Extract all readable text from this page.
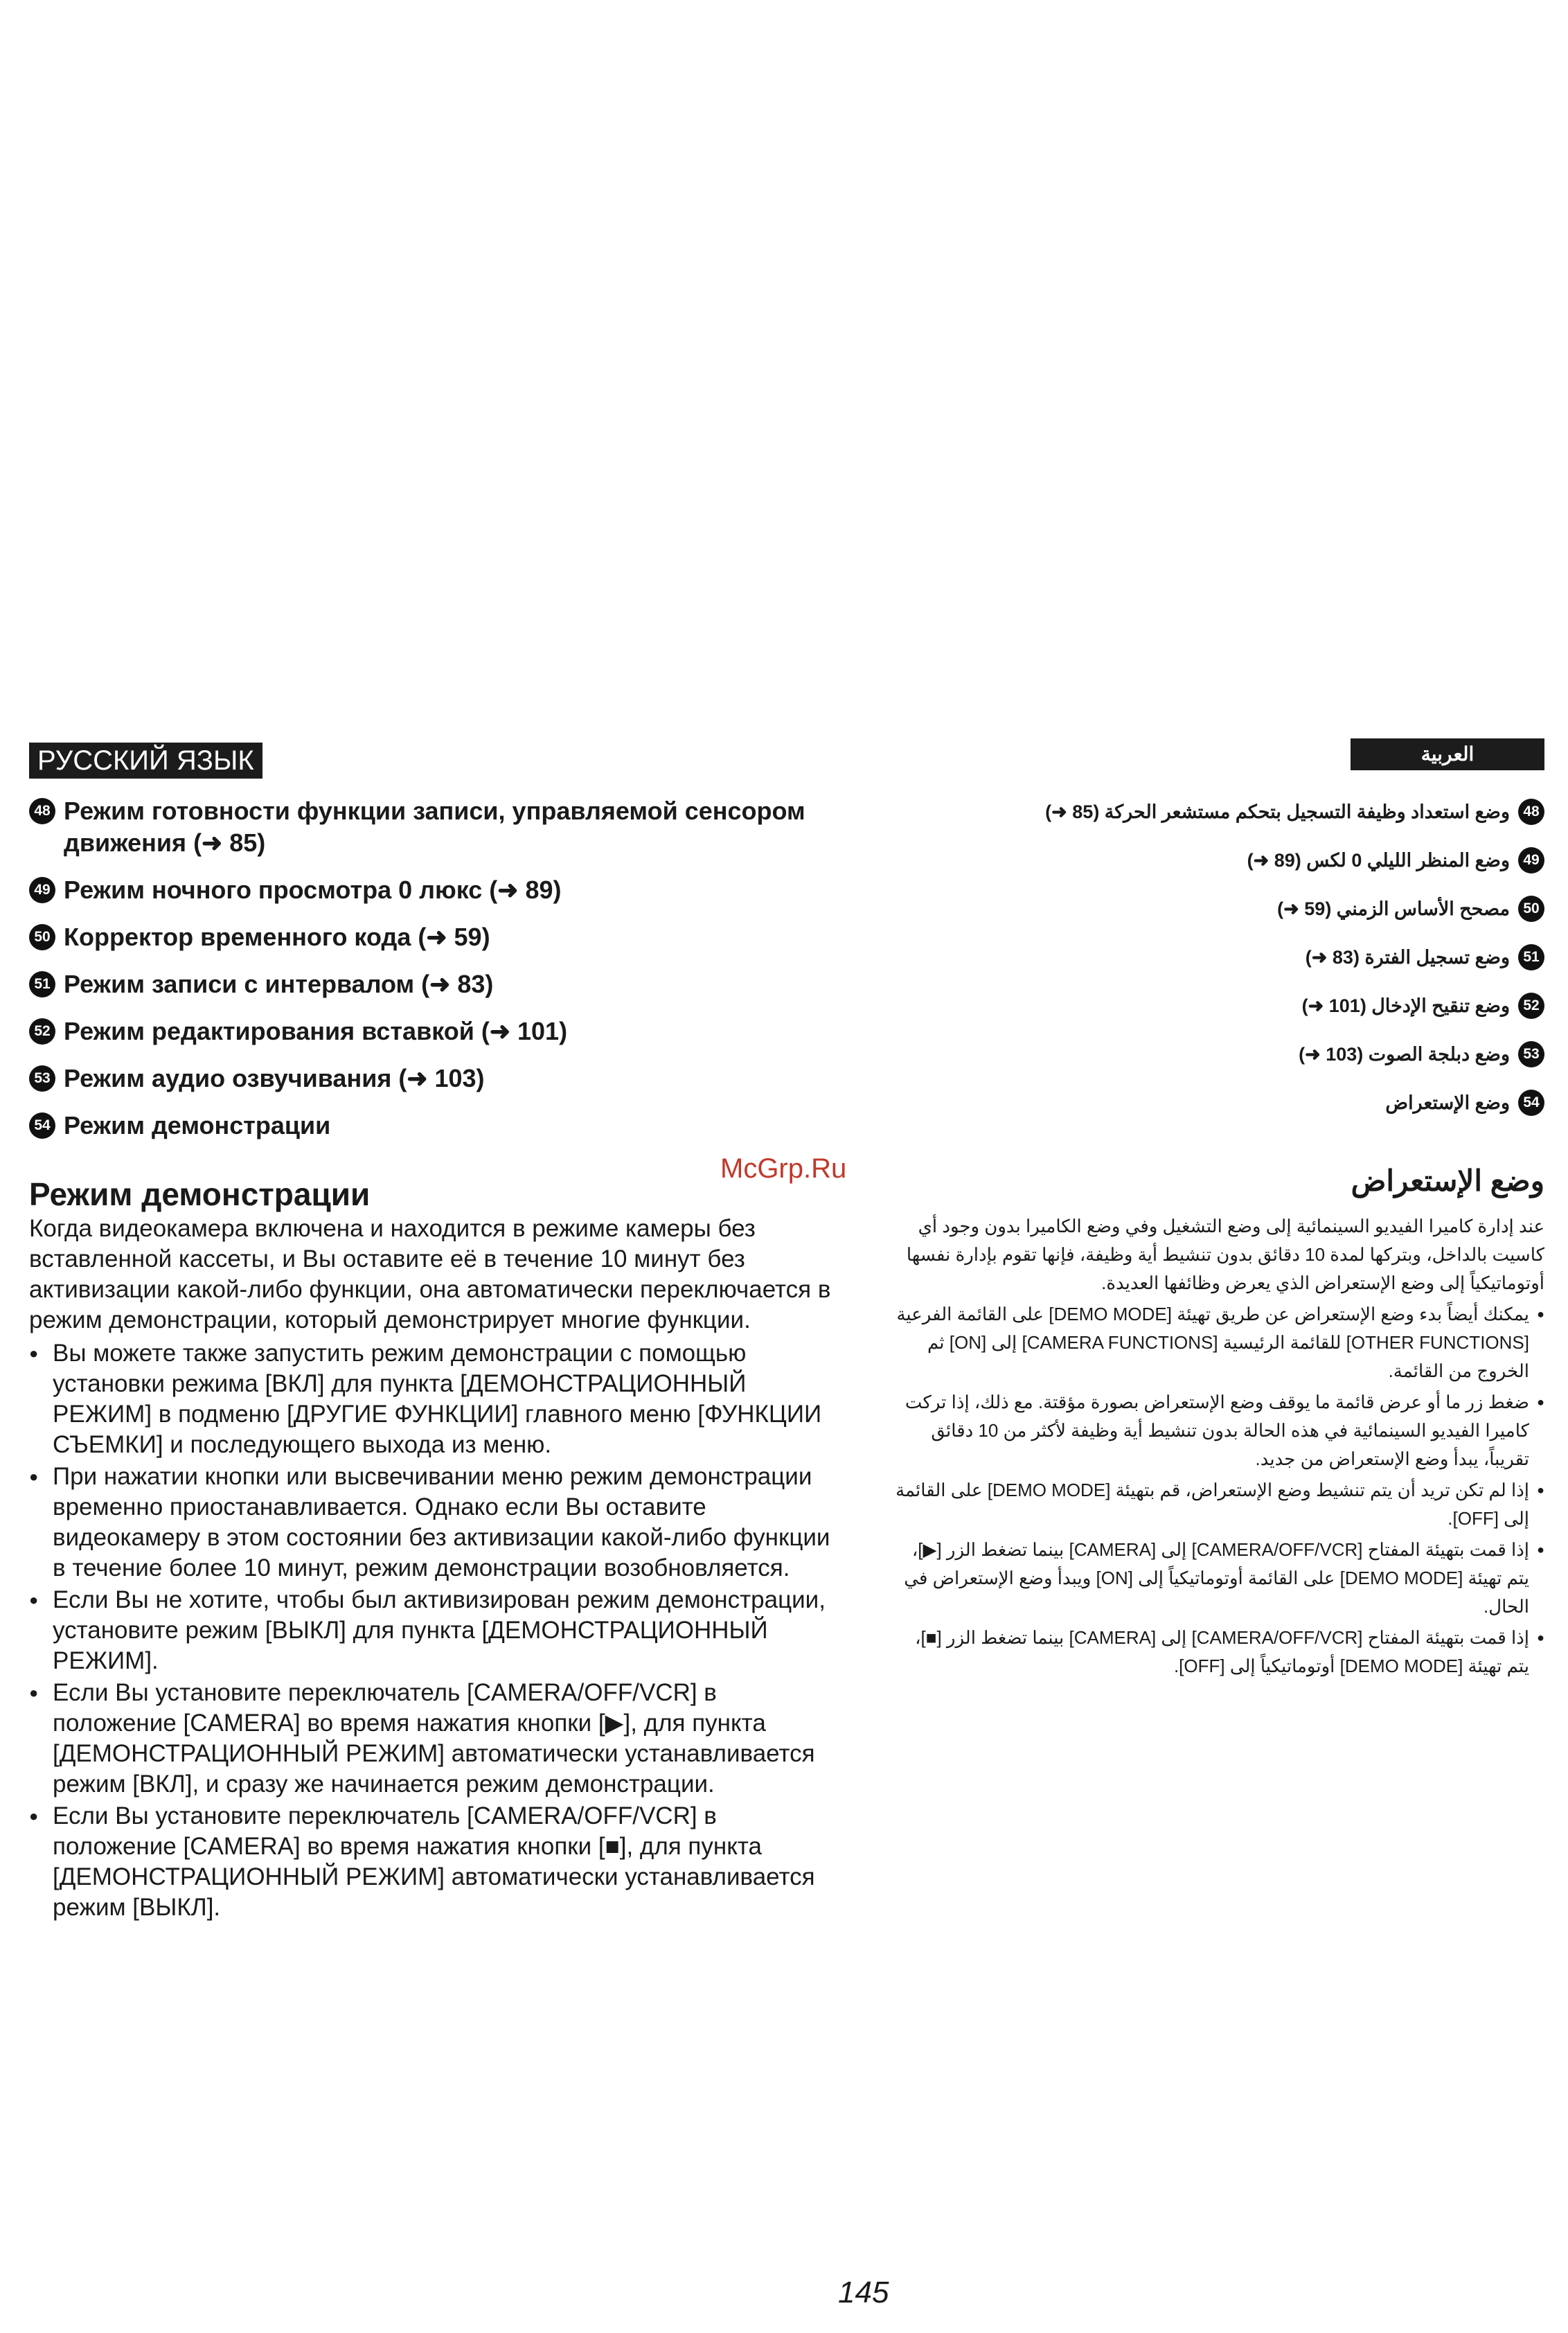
РУССКИЙ ЯЗЫК
48 Режим готовности функции записи, управляемой сенсором движения (➜ 85)
49 Режим ночного просмотра 0 люкс (➜ 89)
50 Корректор временного кода (➜ 59)
51 Режим записи с интервалом (➜ 83)
52 Режим редактирования вставкой (➜ 101)
53 Режим аудио озвучивания (➜ 103)
54 Режим демонстрации
McGrp.Ru
Режим демонстрации

Когда видеокамера включена и находится в режиме камеры без вставленной кассеты, и Вы оставите её в течение 10 минут без активизации какой-либо функции, она автоматически переключается в режим демонстрации, который демонстрирует многие функции.

● Вы можете также запустить режим демонстрации с помощью установки режима [ВКЛ] для пункта [ДЕМОНСТРАЦИОННЫЙ РЕЖИМ] в подменю [ДРУГИЕ ФУНКЦИИ] главного меню [ФУНКЦИИ СЪЕМКИ] и последующего выхода из меню.
● При нажатии кнопки или высвечивании меню режим демонстрации временно приостанавливается. Однако если Вы оставите видеокамеру в этом состоянии без активизации какой-либо функции в течение более 10 минут, режим демонстрации возобновляется.
● Если Вы не хотите, чтобы был активизирован режим демонстрации, установите режим [ВЫКЛ] для пункта [ДЕМОНСТРАЦИОННЫЙ РЕЖИМ].
● Если Вы установите переключатель [CAMERA/OFF/VCR] в положение [CAMERA] во время нажатия кнопки [▶], для пункта [ДЕМОНСТРАЦИОННЫЙ РЕЖИМ] автоматически устанавливается режим [ВКЛ], и сразу же начинается режим демонстрации.
● Если Вы установите переключатель [CAMERA/OFF/VCR] в положение [CAMERA] во время нажатия кнопки [■], для пункта [ДЕМОНСТРАЦИОННЫЙ РЕЖИМ] автоматически устанавливается режим [ВЫКЛ].
العربية
48
وضع استعداد وظيفة التسجيل بتحكم مستشعر الحركة (85 ➜)
49
وضع المنظر الليلي 0 لكس (89 ➜)
50
مصحح الأساس الزمني (59 ➜)
51
وضع تسجيل الفترة (83 ➜)
52
وضع تنقيح الإدخال (101 ➜)
53
وضع دبلجة الصوت (103 ➜)
54
وضع الإستعراض
وضع الإستعراض

عند إدارة كاميرا الفيديو السينمائية إلى وضع التشغيل وفي وضع الكاميرا بدون وجود أي كاسيت بالداخل، وبتركها لمدة 10 دقائق بدون تنشيط أية وظيفة، فإنها تقوم بإدارة نفسها أوتوماتيكياً إلى وضع الإستعراض الذي يعرض وظائفها العديدة.

● يمكنك أيضاً بدء وضع الإستعراض عن طريق تهيئة [DEMO MODE] على القائمة الفرعية [OTHER FUNCTIONS] للقائمة الرئيسية [CAMERA FUNCTIONS] إلى [ON] ثم الخروج من القائمة.
● ضغط زر ما أو عرض قائمة ما يوقف وضع الإستعراض بصورة مؤقتة. مع ذلك، إذا تركت كاميرا الفيديو السينمائية في هذه الحالة بدون تنشيط أية وظيفة لأكثر من 10 دقائق تقريباً، يبدأ وضع الإستعراض من جديد.
● إذا لم تكن تريد أن يتم تنشيط وضع الإستعراض، قم بتهيئة [DEMO MODE] على القائمة إلى [OFF].
● إذا قمت بتهيئة المفتاح [CAMERA/OFF/VCR] إلى [CAMERA] بينما تضغط الزر [▶]، يتم تهيئة [DEMO MODE] على القائمة أوتوماتيكياً إلى [ON] ويبدأ وضع الإستعراض في الحال.
● إذا قمت بتهيئة المفتاح [CAMERA/OFF/VCR] إلى [CAMERA] بينما تضغط الزر [■]، يتم تهيئة [DEMO MODE] أوتوماتيكياً إلى [OFF].
145
